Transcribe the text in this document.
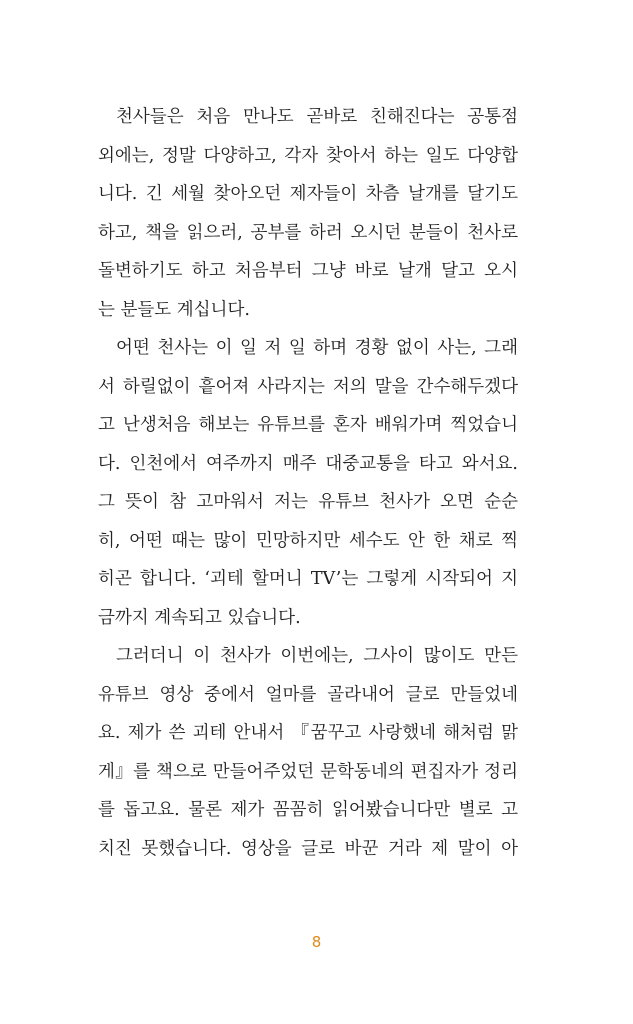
천사들은 처음 만나도 곧바로 친해진다는 공통점
외에는, 정말 다양하고, 각자 찾아서 하는 일도 다양합
니다. 긴 세월 찾아오던 제자들이 차츰 날개를 달기도
하고, 책을 읽으러, 공부를 하러 오시던 분들이 천사로
돌변하기도 하고 처음부터 그냥 바로 날개 달고 오시
는 분들도 계십니다.
어떤 천사는 이 일 저 일 하며 경황 없이 사는, 그래
서 하릴없이 흩어져 사라지는 저의 말을 간수해두겠다
고 난생처음 해보는 유튜브를 혼자 배워가며 찍었습니
다. 인천에서 여주까지 매주 대중교통을 타고 와서요.
그 뜻이 참 고마워서 저는 유튜브 천사가 오면 순순
히, 어떤 때는 많이 민망하지만 세수도 안 한 채로 찍
히곤 합니다. ‘괴테 할머니 TV’는 그렇게 시작되어 지
금까지 계속되고 있습니다.
그러더니 이 천사가 이번에는, 그사이 많이도 만든
유튜브 영상 중에서 얼마를 골라내어 글로 만들었네
요. 제가 쓴 괴테 안내서 『꿈꾸고 사랑했네 해처럼 맑
게』를 책으로 만들어주었던 문학동네의 편집자가 정리
를 돕고요. 물론 제가 꼼꼼히 읽어봤습니다만 별로 고
치진 못했습니다. 영상을 글로 바꾼 거라 제 말이 아
8
